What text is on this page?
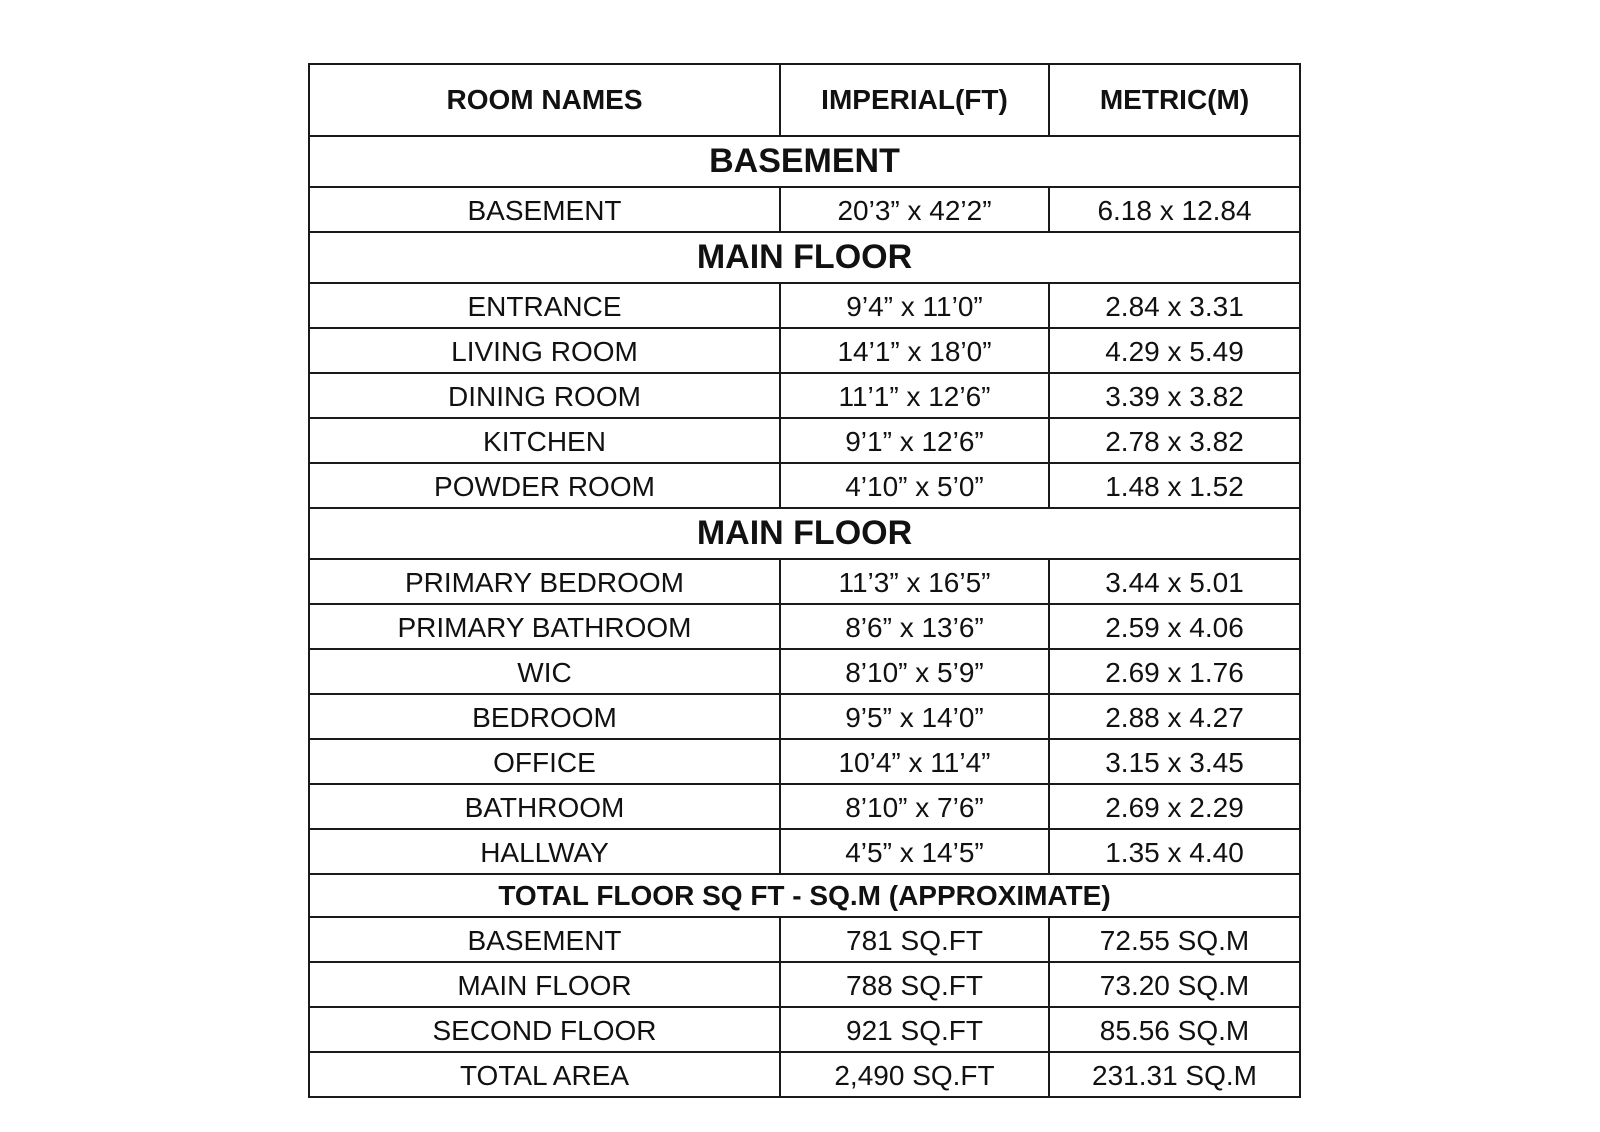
ROOM NAMES	IMPERIAL(FT)	METRIC(M)
BASEMENT		
BASEMENT	20’3” x 42’2”	6.18 x 12.84
MAIN FLOOR		
ENTRANCE	9’4” x 11’0”	2.84 x 3.31
LIVING ROOM	14’1” x 18’0”	4.29 x 5.49
DINING ROOM	11’1” x 12’6”	3.39 x 3.82
KITCHEN	9’1” x 12’6”	2.78 x 3.82
POWDER ROOM	4’10” x 5’0”	1.48 x 1.52
MAIN FLOOR		
PRIMARY BEDROOM	11’3” x 16’5”	3.44 x 5.01
PRIMARY BATHROOM	8’6” x 13’6”	2.59 x 4.06
WIC	8’10” x 5’9”	2.69 x 1.76
BEDROOM	9’5” x 14’0”	2.88 x 4.27
OFFICE	10’4” x 11’4”	3.15 x 3.45
BATHROOM	8’10” x 7’6”	2.69 x 2.29
HALLWAY	4’5” x 14’5”	1.35 x 4.40
TOTAL FLOOR SQ FT - SQ.M (APPROXIMATE)		
BASEMENT	781 SQ.FT	72.55 SQ.M
MAIN FLOOR	788 SQ.FT	73.20 SQ.M
SECOND FLOOR	921 SQ.FT	85.56 SQ.M
TOTAL AREA	2,490 SQ.FT	231.31 SQ.M
